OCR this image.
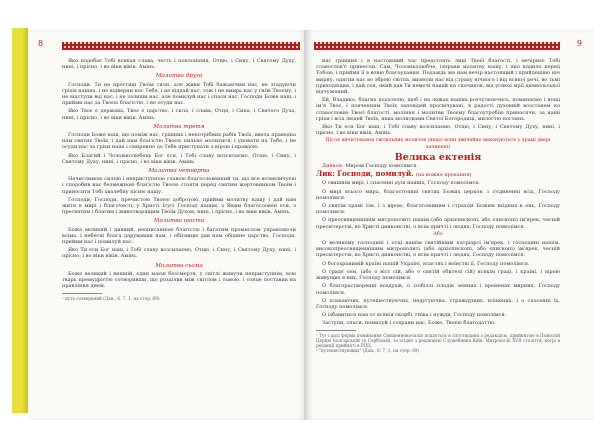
8

Яко подобає Тобі всякая слава, честь і поклоніння, Отцю, і Сину, і Святому Духу, нині, і прісно, і во віки віків. Амінь.

Молитва друга

Господи, Ти не простиш Твоїм сили, але живи Тобі бажаючим нас, не згадуючи гріхів наших, і не відверни нас Тебе, і не віддай нас, тож і не вмирь нас у гніві Твоєму, і не відступи від нас, і не залиши нас, але помилуй нас і спаси нас, Господи Боже наш, і прийми нас за Твоєю благістю, і не осуди нас.

Яко Твоє є держава, Твоє є царство, і сила, і слава, Отця, і Сина, і Святого Духа, нині, і прісно, і во віки віків. Амінь.

Молитва третя

Господи Боже наш, що поміж нас, грішних і непотрібних рабів Твоїх, ввела праведна нам святих Твоїх, і дай нам благістю Твоєю пильно молитися, і уповати на Тебе, і не осуди нас за гріхи наші і смиренно до Тебе приступати з вірою і правдою.

Яко Благий і Чоловіколюбець Бог єси, і Тобі славу возсилаємо, Отцю, і Сину, і Святому Духу, нині, і прісно, і во віки віків. Амінь.

Молитва четверта

Нечислимою силою і неприступною славою благословенний ти, що все возвеличуєш і сподобив нас безмежною благістю Твоєю стояти перед святим жертовником Твоїм і приносити Тобі хвалебну пісню нашу.

Господи, Господи, пречистою Твоєю добротою, прийми молитву нашу і дай нам жити в мирі і благочесті, у Христі Ісусі Господі нашім, з Яким благословен єси, з пресвятим і благим і животворящим Твоїм Духом, нині, і прісно, і во віки віків. Амінь.

Молитва шоста

Боже великий і дивний, неописанною благістю і багатим промислом управляючи всіма, і небесні блага дарувавши нам, і обітницю дав нам обіцяне царство, Господи, прийми нас і помилуй нас.

Яко Ти єси Бог наш, і Тобі славу возсилаємо, Отцю, і Сину, і Святому Духу, нині, і прісно, і во віки віків. Амінь.

Молитва сьома

Боже великий і вишній, єдин маєш безсмертя, у світлі живучи неприступнім, всю тварь премудрістю сотворивши, що розділив між світлом і тьмою, і сонце поставив на правління днем.

¹ путь сотворений (Дан., 6. 7, 1, на стор. 69)
9

нас грішних і в настоящий час предстоять лиці Твоєї благості, і вечірнєє Тобі славослов'є принесли. Сам, Чоловіколюбче, ізправи молитву нашу, і яко кадило перед Тобою, і прийми її в воню благоухання. Подаждь же нам вечір настоящий і прийдешню ніч мирну, одягни нас во зброю світла, визволи нас від страху нічного і від всякої речі, во тьмі приходящия, і дай сон, який дав Ти немочі нашій на спочинок, від усякої мрії диявольської відчужений.

Ей, Владико, благих подателю, щоб і на ложах наших розчулюючись, поминаємо і нощі ім'я Твоє, і повченням Твоїх заповідей просвічувані, в радості духовній возстанем ко славословію Твоєї благості, моління і молитви Твоєму благоутробію приносячи, за наші гріхи і всіх людей Твоїх, яких молитвами Святої Богородиці, милостю поглянь.

Яко Ти єси Бог наш, і Тобі славу возсилаємо, Отцю, і Сину, і Святому Духу, нині, і прісно, і во віки віків. Амінь.

Після вичитування світильних молитов (якщо вони звичайно виконуються у храмі двері зачинені)
Велика ектенія

Диякон: Миром Господу помолімся.

Лик: Господи, помилуй. (на кожне прохання)

О свишнім мирі, і спасенні душ наших, Господу помолімся.

О мирі всього мира, благостоянні святих Божих церков, і з'єдиненні всіх, Господу помолімся.

О святім храмі сім, і з вірою, благоговінням і страхом Божим вхідних в онь, Господу помолімся.

О преосвященнішім митрополиті нашім (або архієпископі, або єпископі) ім'ярек, чесній пресвітерстві, во Христі дияконстві, о всім причті і людях, Господу помолімся.

Або

О великому господині і отці нашім святійшим патріарсі ім'ярек, і господині нашім, високопреосвященнішим митрополиті (або архієпископі, або єпископі) ім'ярек, чесній пресвітерстві, во Христі дияконстві, о всім причті і людях, Господу помолімся.

О богохранимій країні нашій Україні, властях і воїнстві її, Господу помолімся.

О градє сем, (або о віст сій, або о святій обителі сій) всякім граді, і країні, і вірою живущих в них, Господу помолімся.

О благорастворенні воздухів, о ізобіллі плодів земних і временах мирних, Господу помолімся.

О плаваючих, путешествуючих, недугуючих, страждущих, плінених, і о спасенні їх, Господу помолімся.

О ізбавитися нам от всякія скорбі, гніва і нужди, Господу помолімся.

Заступи, спаси, помилуй і сохрани нас, Боже, Твоєю благодаттю.

¹ Тут і далі форма поминання Священноначалія подається в спогляданні з редакцією, прийнятою в Помісній Церкві Болгарській та Сербській, та згідно з редакцією Служебника Київ. Митрополії XVII століття, котрі в редакції прийняті в РПЦ.
² "путешествующих" (Дан., 6. 7, 1, на стор. 69)
